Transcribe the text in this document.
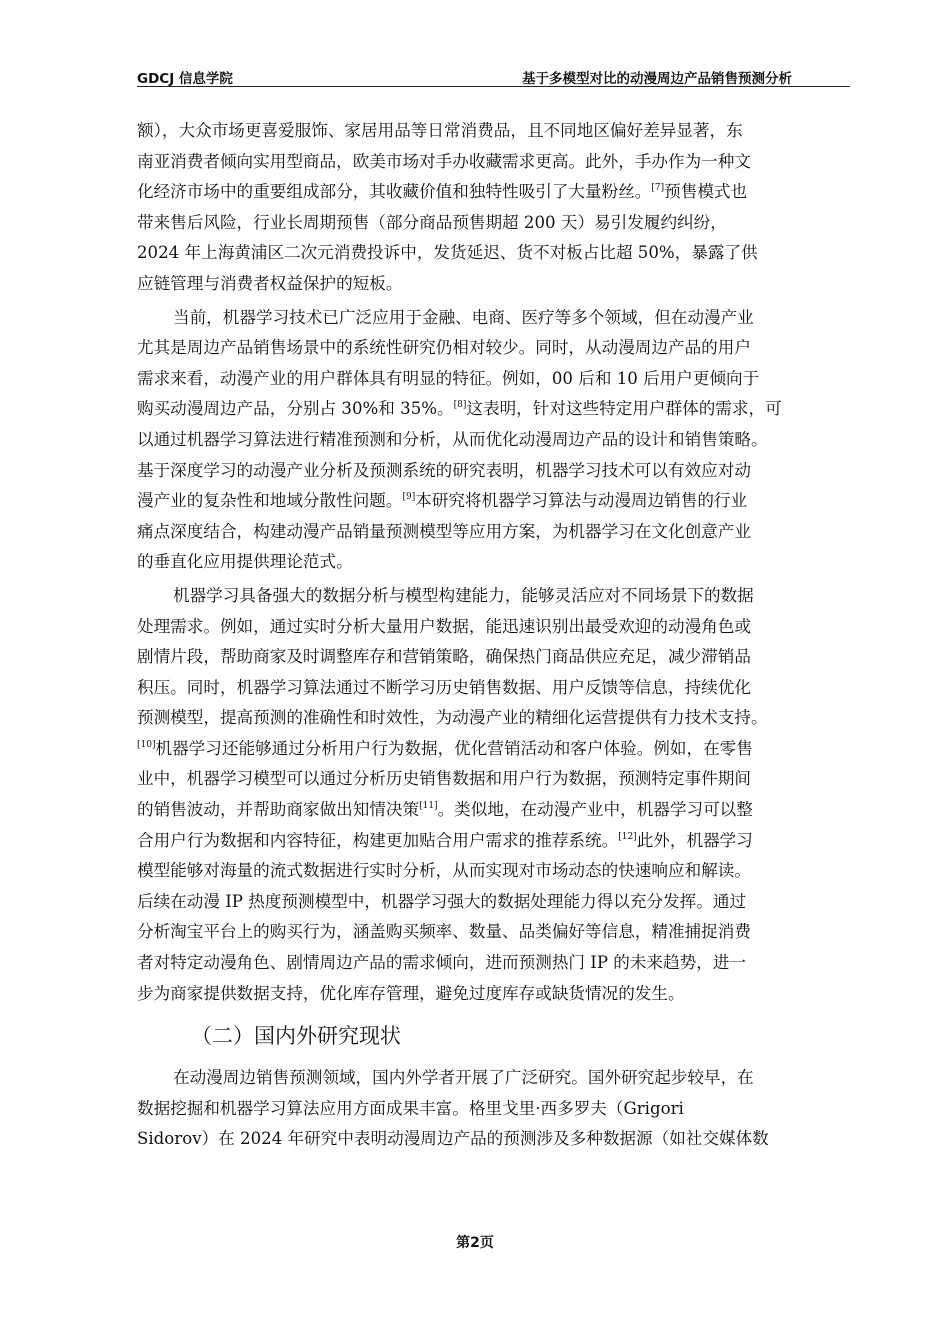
GDCJ 信息学院	基于多模型对比的动漫周边产品销售预测分析
额），大众市场更喜爱服饰、家居用品等日常消费品，且不同地区偏好差异显著，东
南亚消费者倾向实用型商品，欧美市场对手办收藏需求更高。此外，手办作为一种文
化经济市场中的重要组成部分，其收藏价值和独特性吸引了大量粉丝。[7]预售模式也
带来售后风险，行业长周期预售（部分商品预售期超 200 天）易引发履约纠纷，
2024 年上海黄浦区二次元消费投诉中，发货延迟、货不对板占比超 50%，暴露了供
应链管理与消费者权益保护的短板。
当前，机器学习技术已广泛应用于金融、电商、医疗等多个领域，但在动漫产业
尤其是周边产品销售场景中的系统性研究仍相对较少。同时，从动漫周边产品的用户
需求来看，动漫产业的用户群体具有明显的特征。例如，00 后和 10 后用户更倾向于
购买动漫周边产品，分别占 30%和 35%。[8]这表明，针对这些特定用户群体的需求，可
以通过机器学习算法进行精准预测和分析，从而优化动漫周边产品的设计和销售策略。
基于深度学习的动漫产业分析及预测系统的研究表明，机器学习技术可以有效应对动
漫产业的复杂性和地域分散性问题。[9]本研究将机器学习算法与动漫周边销售的行业
痛点深度结合，构建动漫产品销量预测模型等应用方案，为机器学习在文化创意产业
的垂直化应用提供理论范式。
机器学习具备强大的数据分析与模型构建能力，能够灵活应对不同场景下的数据
处理需求。例如，通过实时分析大量用户数据，能迅速识别出最受欢迎的动漫角色或
剧情片段，帮助商家及时调整库存和营销策略，确保热门商品供应充足，减少滞销品
积压。同时，机器学习算法通过不断学习历史销售数据、用户反馈等信息，持续优化
预测模型，提高预测的准确性和时效性，为动漫产业的精细化运营提供有力技术支持。
[10]机器学习还能够通过分析用户行为数据，优化营销活动和客户体验。例如，在零售
业中，机器学习模型可以通过分析历史销售数据和用户行为数据，预测特定事件期间
的销售波动，并帮助商家做出知情决策[11]。类似地，在动漫产业中，机器学习可以整
合用户行为数据和内容特征，构建更加贴合用户需求的推荐系统。[12]此外，机器学习
模型能够对海量的流式数据进行实时分析，从而实现对市场动态的快速响应和解读。
后续在动漫 IP 热度预测模型中，机器学习强大的数据处理能力得以充分发挥。通过
分析淘宝平台上的购买行为，涵盖购买频率、数量、品类偏好等信息，精准捕捉消费
者对特定动漫角色、剧情周边产品的需求倾向，进而预测热门 IP 的未来趋势，进一
步为商家提供数据支持，优化库存管理，避免过度库存或缺货情况的发生。
（二）国内外研究现状
在动漫周边销售预测领域，国内外学者开展了广泛研究。国外研究起步较早，在
数据挖掘和机器学习算法应用方面成果丰富。格里戈里·西多罗夫（Grigori
Sidorov）在 2024 年研究中表明动漫周边产品的预测涉及多种数据源（如社交媒体数
第2页
